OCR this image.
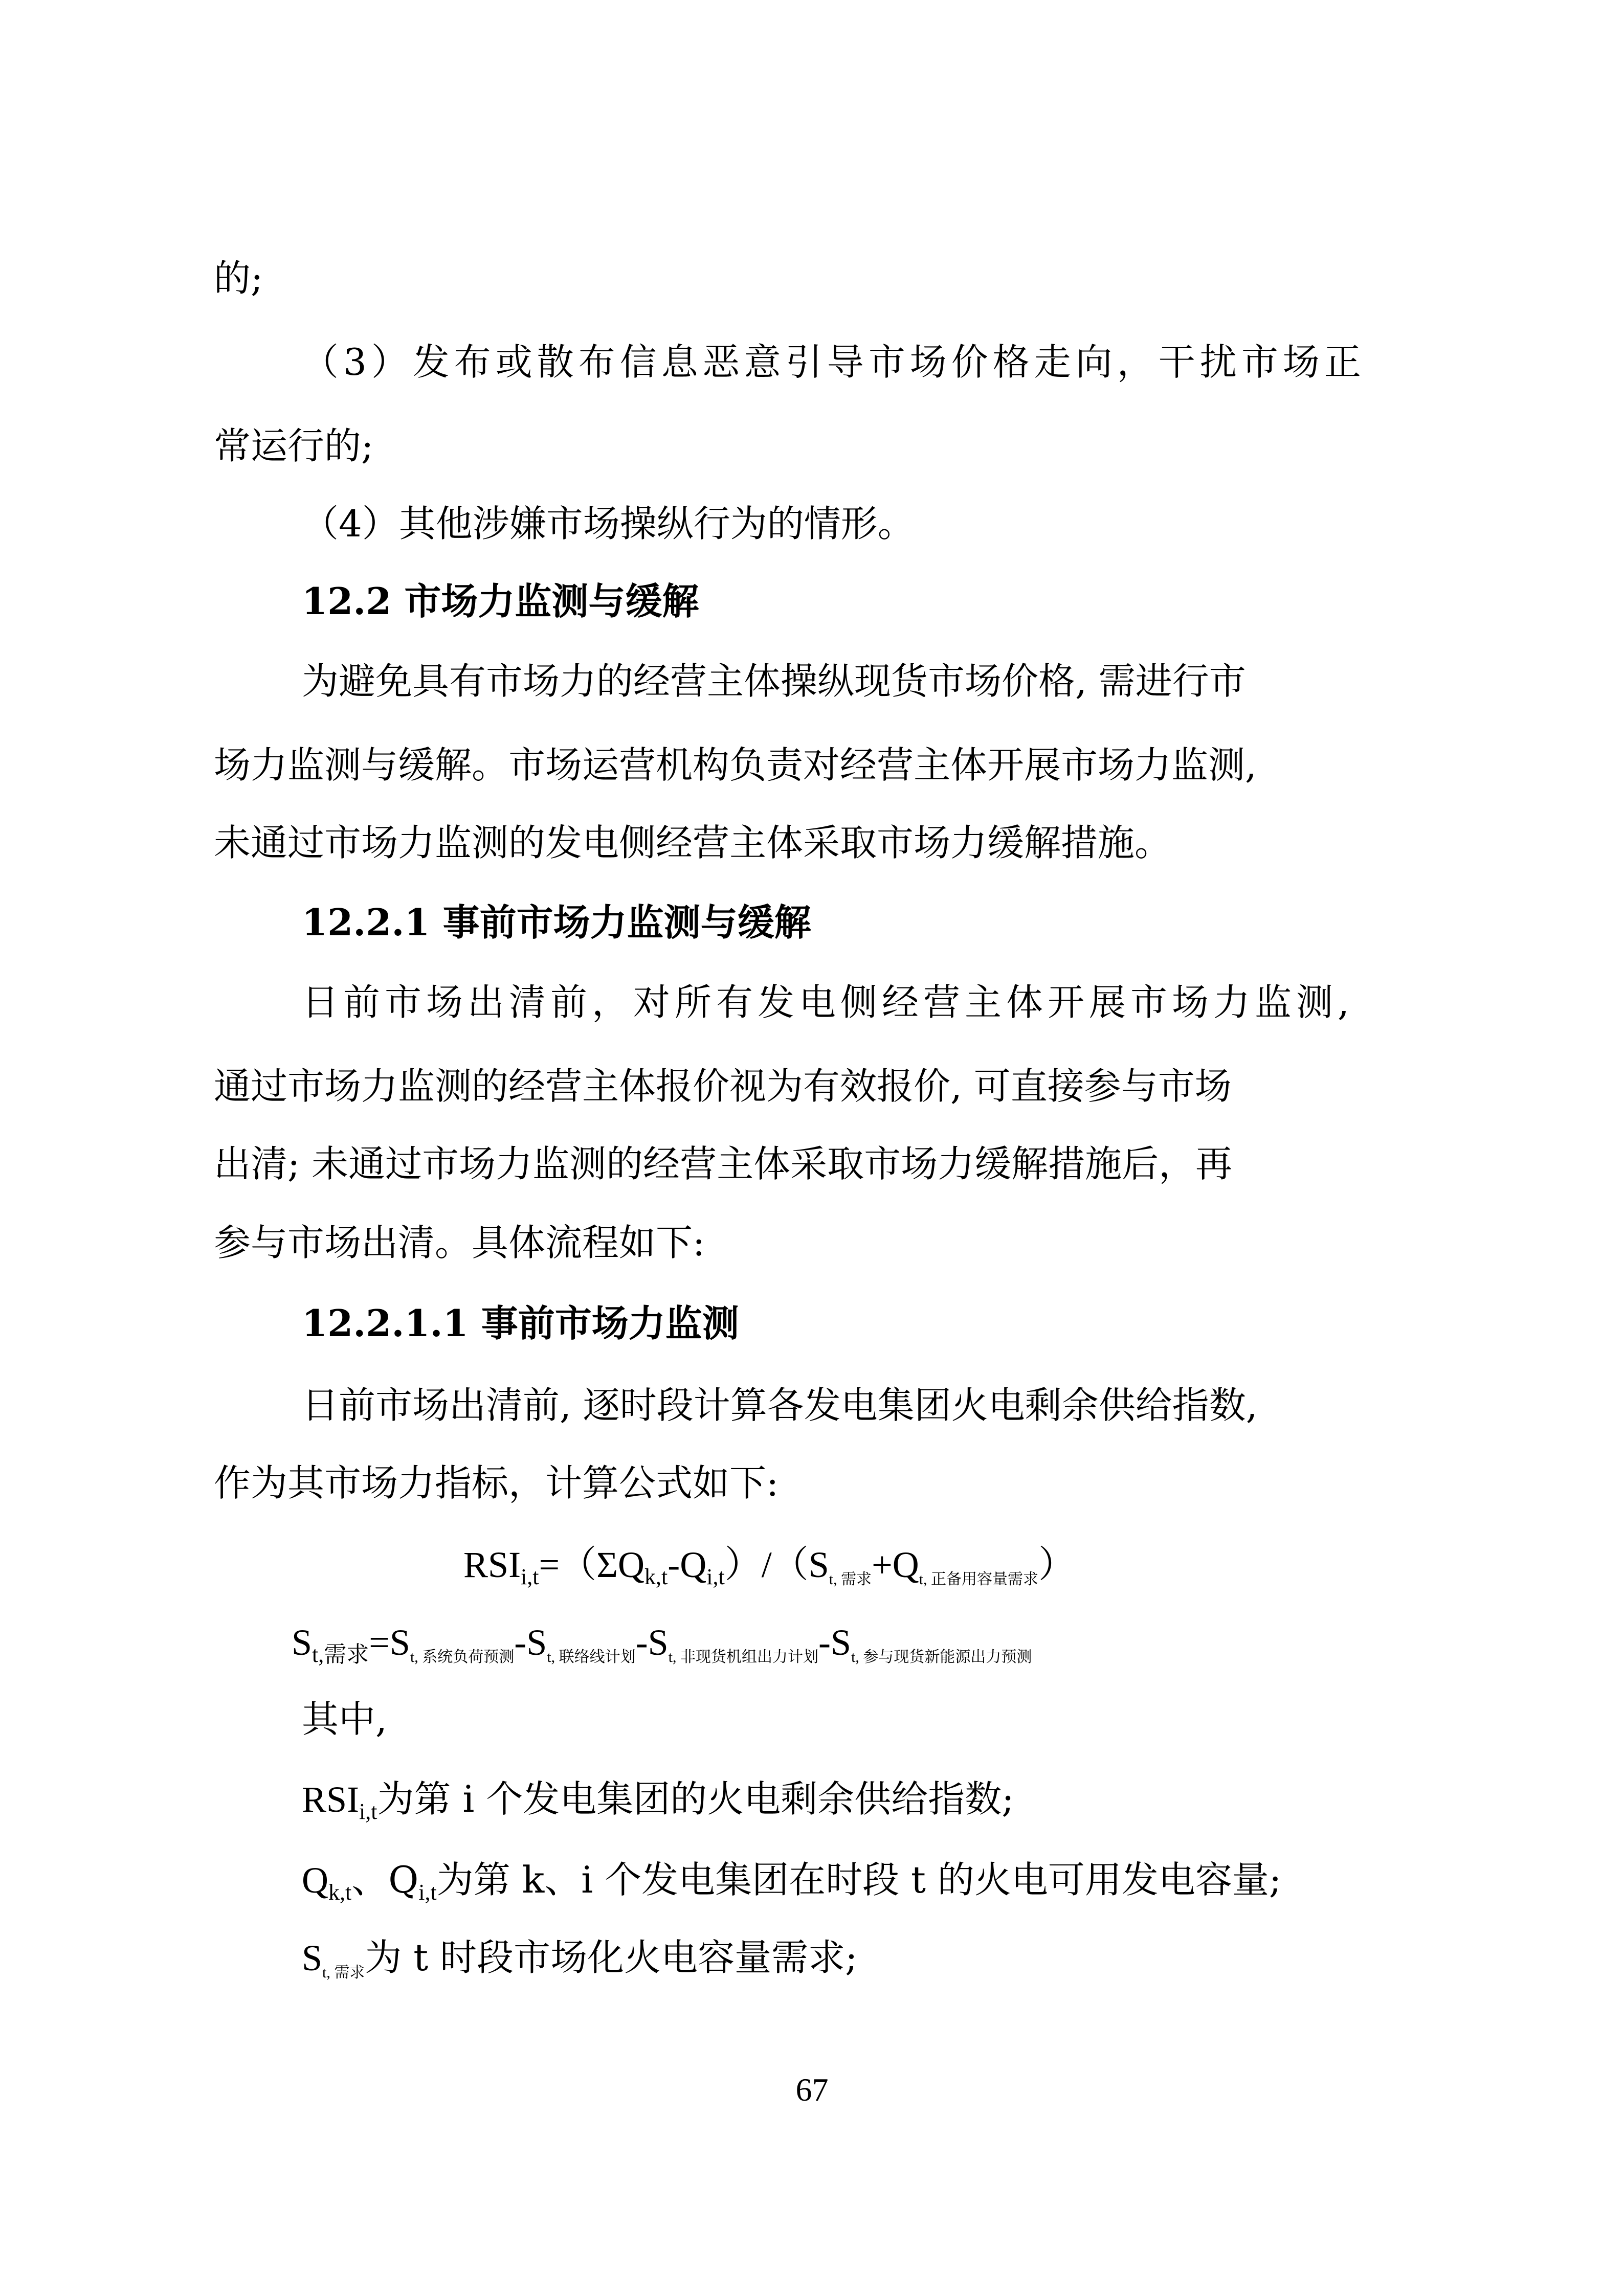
的;
（3）发布或散布信息恶意引导市场价格走向，干扰市场正
常运行的;
（4）其他涉嫌市场操纵行为的情形。
12.2 市场力监测与缓解
为避免具有市场力的经营主体操纵现货市场价格, 需进行市
场力监测与缓解。市场运营机构负责对经营主体开展市场力监测,
未通过市场力监测的发电侧经营主体采取市场力缓解措施。
12.2.1 事前市场力监测与缓解
日前市场出清前，对所有发电侧经营主体开展市场力监测,
通过市场力监测的经营主体报价视为有效报价, 可直接参与市场
出清; 未通过市场力监测的经营主体采取市场力缓解措施后，再
参与市场出清。具体流程如下:
12.2.1.1 事前市场力监测
日前市场出清前, 逐时段计算各发电集团火电剩余供给指数,
作为其市场力指标，计算公式如下:
$RSI_{i,t}=(\Sigma Q_{k,t}-Q_{i,t})/(S_{t, 需求}+Q_{t, 正备用容量需求})$
$S_{t,需求}=S_{t, 系统负荷预测}-S_{t, 联络线计划}-S_{t, 非现货机组出力计划}-S_{t, 参与现货新能源出力预测}$
其中,
$RSI_{i,t}$为第 i 个发电集团的火电剩余供给指数;
$Q_{k,t}$、$Q_{i,t}$为第 k、i 个发电集团在时段 t 的火电可用发电容量;
$S_{t, 需求}$为 t 时段市场化火电容量需求;
67
